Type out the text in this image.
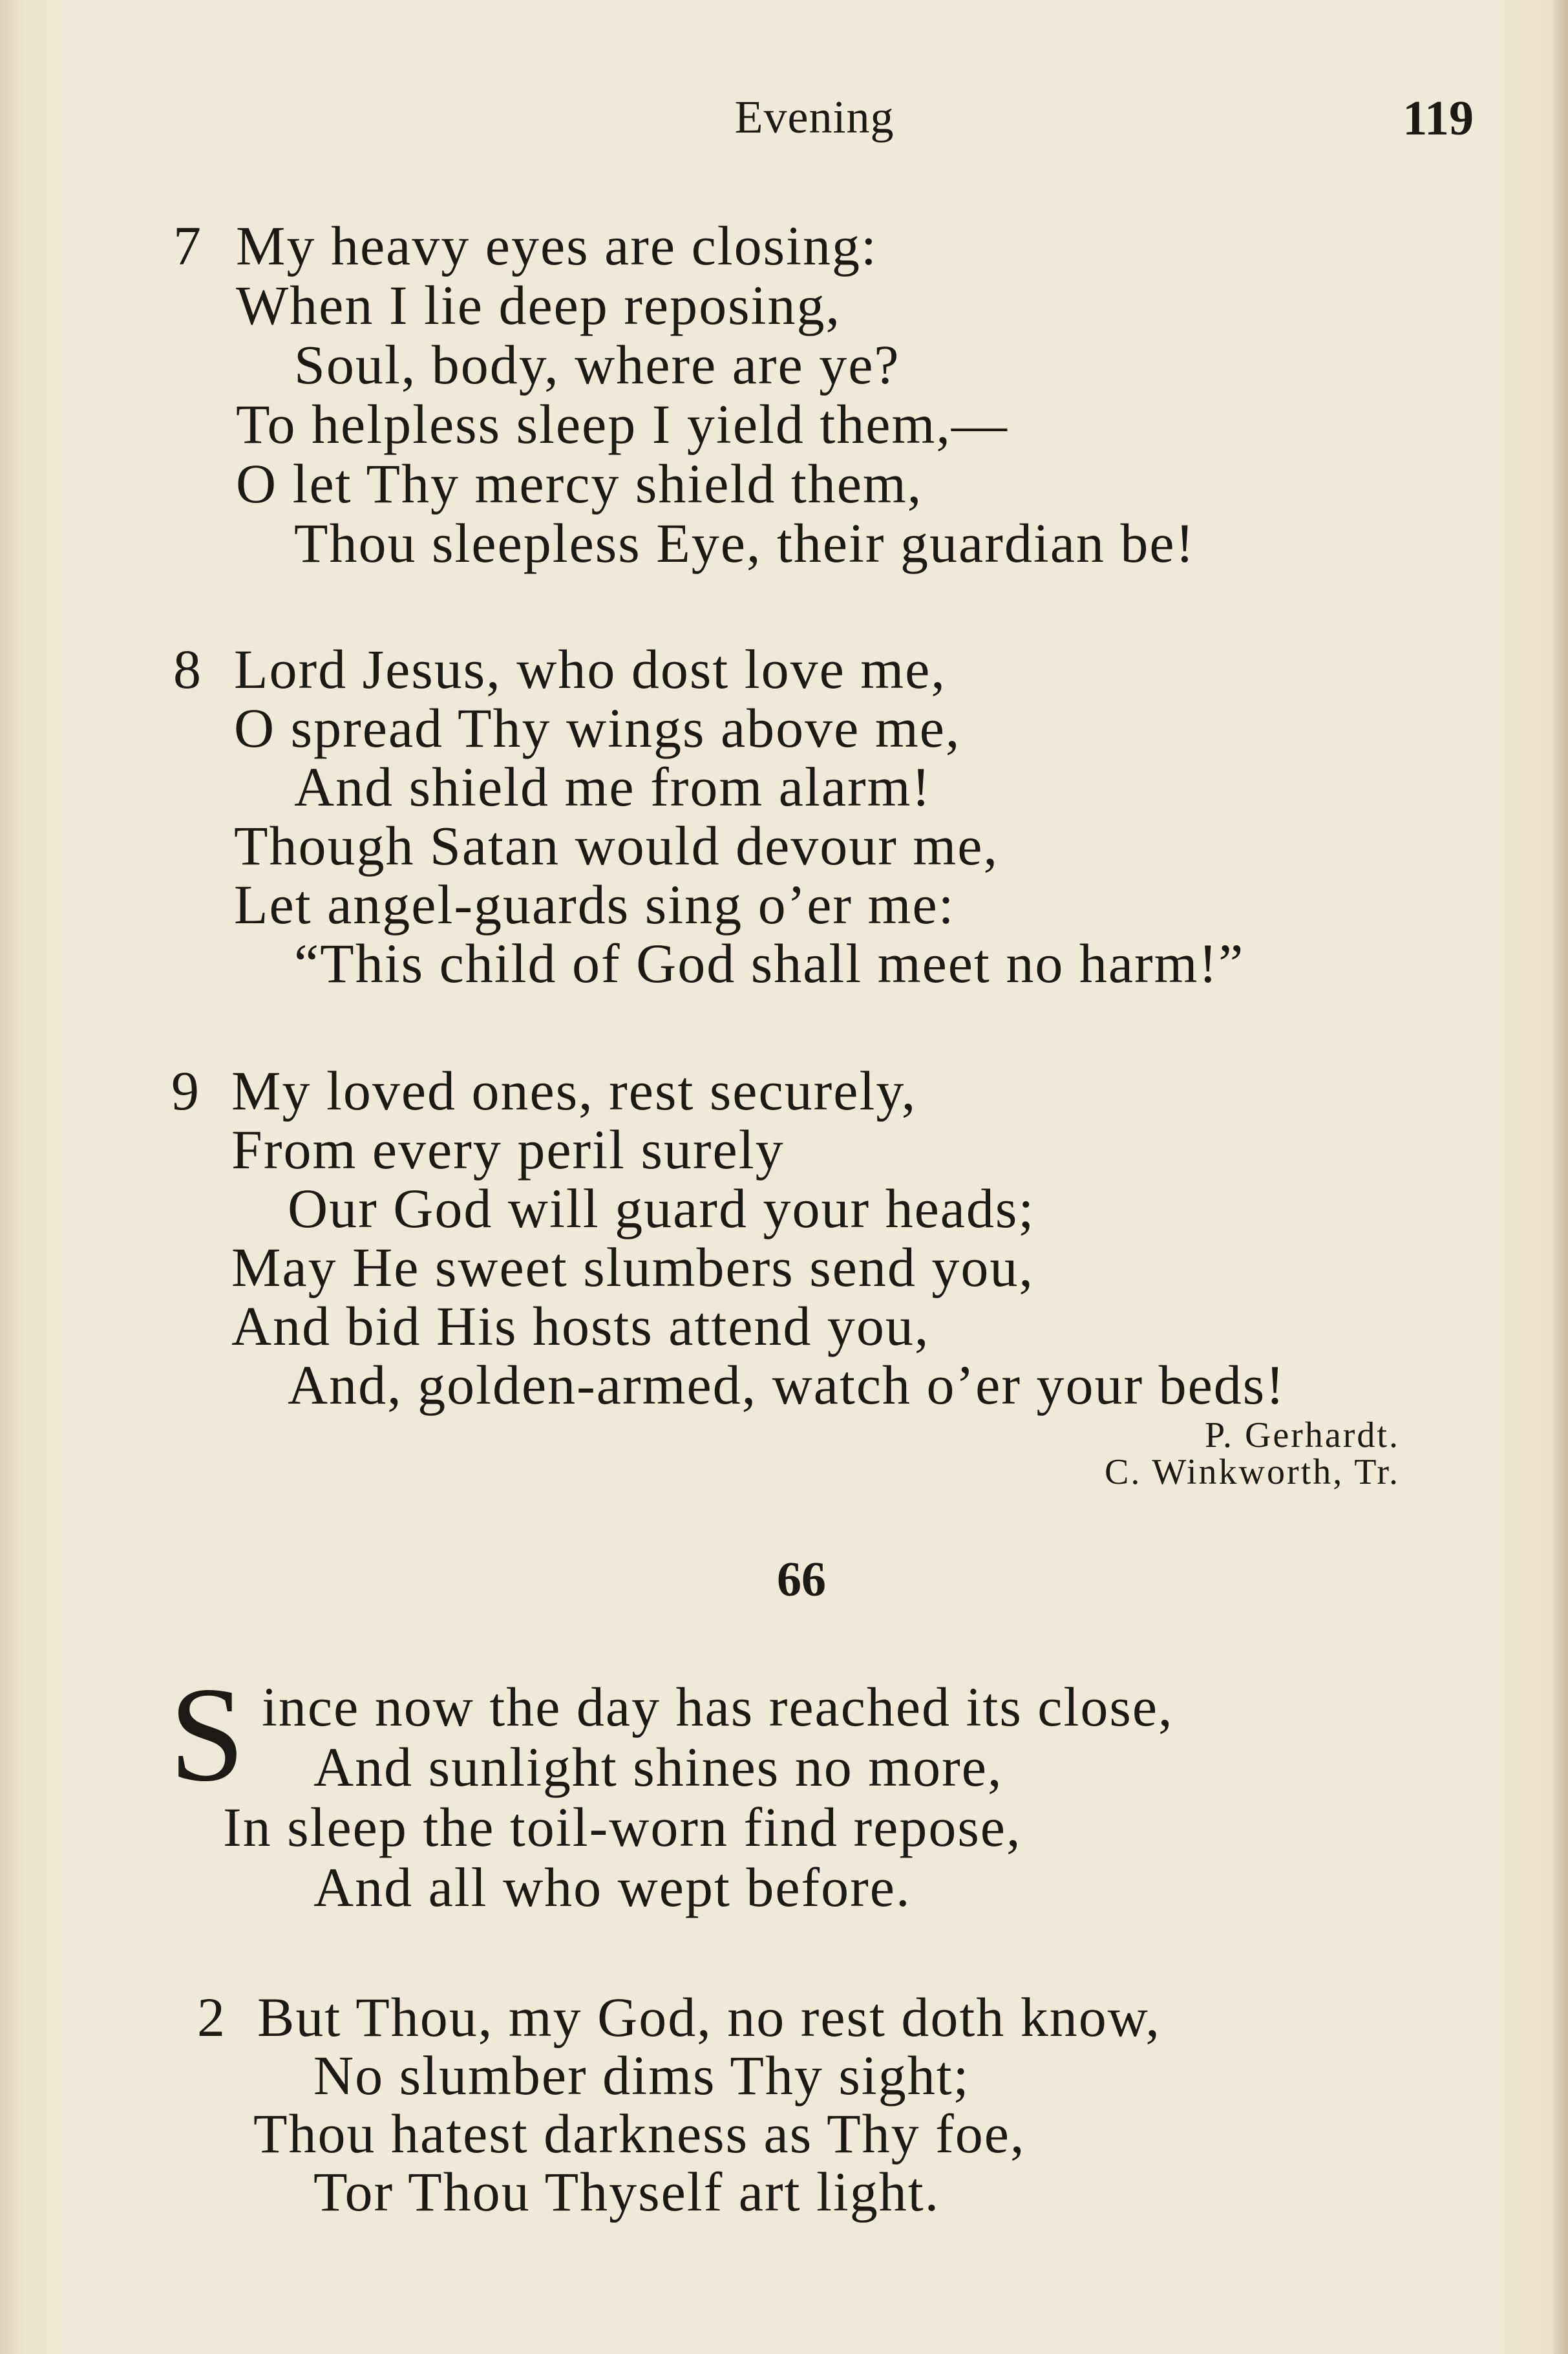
Evening	119
7 My heavy eyes are closing:
When I lie deep reposing,
Soul, body, where are ye?
To helpless sleep I yield them,—
O let Thy mercy shield them,
Thou sleepless Eye, their guardian be!
8 Lord Jesus, who dost love me,
O spread Thy wings above me,
And shield me from alarm!
Though Satan would devour me,
Let angel-guards sing o’er me:
“This child of God shall meet no harm!”
9 My loved ones, rest securely,
From every peril surely
Our God will guard your heads;
May He sweet slumbers send you,
And bid His hosts attend you,
And, golden-armed, watch o’er your beds!
P. Gerhardt.
C. Winkworth, Tr.
66
S ince now the day has reached its close,
And sunlight shines no more,
In sleep the toil-worn find repose,
And all who wept before.
2 But Thou, my God, no rest doth know,
No slumber dims Thy sight;
Thou hatest darkness as Thy foe,
Tor Thou Thyself art light.
